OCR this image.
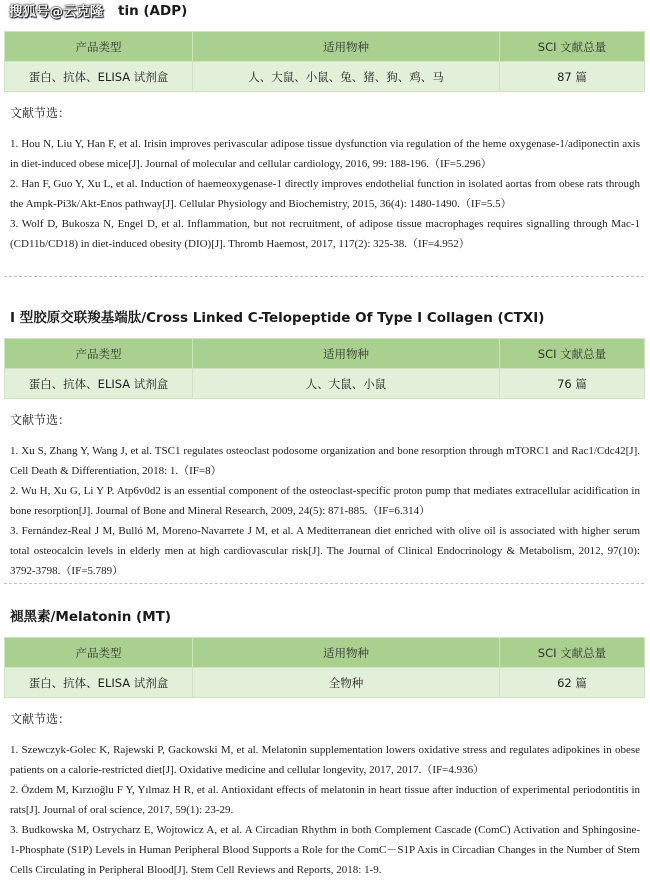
tin (ADP)
产品类型	适用物种	SCI 文献总量
蛋白、抗体、ELISA 试剂盒	人、大鼠、小鼠、兔、猪、狗、鸡、马	87 篇
文献节选：
1. Hou N, Liu Y, Han F, et al. Irisin improves perivascular adipose tissue dysfunction via regulation of the heme oxygenase-1/adiponectin axis in diet-induced obese mice[J]. Journal of molecular and cellular cardiology, 2016, 99: 188-196.（IF=5.296）
2. Han F, Guo Y, Xu L, et al. Induction of haemeoxygenase-1 directly improves endothelial function in isolated aortas from obese rats through the Ampk-Pi3k/Akt-Enos pathway[J]. Cellular Physiology and Biochemistry, 2015, 36(4): 1480-1490.（IF=5.5）
3. Wolf D, Bukosza N, Engel D, et al. Inflammation, but not recruitment, of adipose tissue macrophages requires signalling through Mac-1 (CD11b/CD18) in diet-induced obesity (DIO)[J]. Thromb Haemost, 2017, 117(2): 325-38.（IF=4.952）
I 型胶原交联羧基端肽/Cross Linked C-Telopeptide Of Type I Collagen (CTXI)
产品类型	适用物种	SCI 文献总量
蛋白、抗体、ELISA 试剂盒	人、大鼠、小鼠	76 篇
文献节选：
1. Xu S, Zhang Y, Wang J, et al. TSC1 regulates osteoclast podosome organization and bone resorption through mTORC1 and Rac1/Cdc42[J]. Cell Death & Differentiation, 2018: 1.（IF=8）
2. Wu H, Xu G, Li Y P. Atp6v0d2 is an essential component of the osteoclast‐specific proton pump that mediates extracellular acidification in bone resorption[J]. Journal of Bone and Mineral Research, 2009, 24(5): 871-885.（IF=6.314）
3. Fernández-Real J M, Bulló M, Moreno-Navarrete J M, et al. A Mediterranean diet enriched with olive oil is associated with higher serum total osteocalcin levels in elderly men at high cardiovascular risk[J]. The Journal of Clinical Endocrinology & Metabolism, 2012, 97(10): 3792-3798.（IF=5.789）
褪黑素/Melatonin (MT)
产品类型	适用物种	SCI 文献总量
蛋白、抗体、ELISA 试剂盒	全物种	62 篇
文献节选：
1. Szewczyk-Golec K, Rajewski P, Gackowski M, et al. Melatonin supplementation lowers oxidative stress and regulates adipokines in obese patients on a calorie-restricted diet[J]. Oxidative medicine and cellular longevity, 2017, 2017.（IF=4.936）
2. Özdem M, Kırzıoğlu F Y, Yılmaz H R, et al. Antioxidant effects of melatonin in heart tissue after induction of experimental periodontitis in rats[J]. Journal of oral science, 2017, 59(1): 23-29.
3. Budkowska M, Ostrycharz E, Wojtowicz A, et al. A Circadian Rhythm in both Complement Cascade (ComC) Activation and Sphingosine-1-Phosphate (S1P) Levels in Human Peripheral Blood Supports a Role for the ComC－S1P Axis in Circadian Changes in the Number of Stem Cells Circulating in Peripheral Blood[J]. Stem Cell Reviews and Reports, 2018: 1-9.
搜狐号@云克隆
